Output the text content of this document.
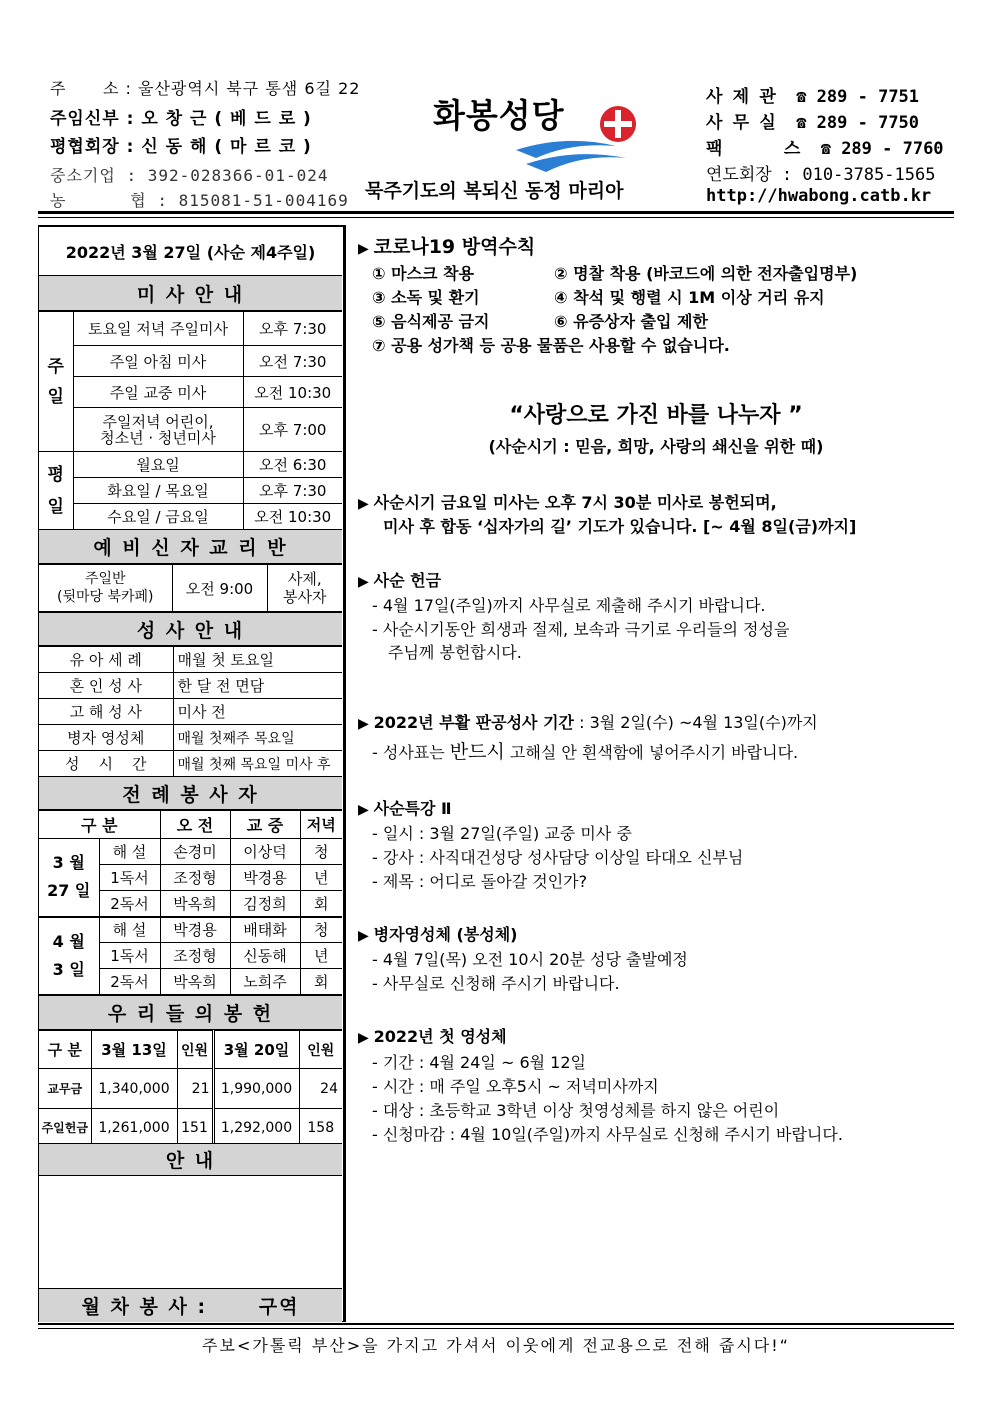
주      소 : 울산광역시 북구 통샘 6길 22
주임신부 : 오 창 근 ( 베 드 로 )
평협회장 : 신 동 해 ( 마 르 코 )
중소기업 : 392-028366-01-024
농      협 : 815081-51-004169
화봉성당
묵주기도의 복되신 동정 마리아
사 제 관  ☎ 289 - 7751
사 무 실  ☎ 289 - 7750
팩      스  ☎ 289 - 7760
연도회장 : 010-3785-1565
http://hwabong.catb.kr
2022년 3월 27일 (사순 제4주일)
미 사 안 내
주
일	토요일 저녁 주일미사	오후 7:30
	주일 아침 미사	오전 7:30
	주일 교중 미사	오전 10:30
	주일저녁 어린이,
청소년 · 청년미사	오후 7:00

평
일	월요일	오전 6:30
	화요일 / 목요일	오후 7:30
	수요일 / 금요일	오전 10:30
예 비 신 자 교 리 반
주일반
(뒷마당 북카페)	오전 9:00	사제,
봉사자
성 사 안 내
유 아 세 례	매월 첫 토요일
혼 인 성 사	한 달 전 면담
고 해 성 사	미사 전
병자 영성체	매월 첫째주 목요일
성    시    간	매월 첫째 목요일 미사 후
전 례 봉 사 자
구 분		오 전	교 중	저녁
3 월
27 일	해 설	손경미	이상덕	청
	1독서	조정형	박경용	년
	2독서	박옥희	김정희	회
4 월
3 일	해 설	박경용	배태화	청
	1독서	조정형	신동해	년
	2독서	박옥희	노희주	회
우 리 들 의 봉 헌
구 분	3월 13일	인원	3월 20일	인원
교무금	1,340,000	21	1,990,000	24
주일헌금	1,261,000	151	1,292,000	158
안 내
월 차 봉 사 :      구역
▶ 코로나19 방역수칙
① 마스크 착용	② 명찰 착용 (바코드에 의한 전자출입명부)
③ 소독 및 환기	④ 착석 및 행렬 시 1M 이상 거리 유지
⑤ 음식제공 금지	⑥ 유증상자 출입 제한
⑦ 공용 성가책 등 공용 물품은 사용할 수 없습니다.
“사랑으로 가진 바를 나누자 ”
(사순시기 : 믿음, 희망, 사랑의 쇄신을 위한 때)
▶ 사순시기 금요일 미사는 오후 7시 30분 미사로 봉헌되며,
미사 후 합동 ‘십자가의 길’ 기도가 있습니다. [~ 4월 8일(금)까지]
▶ 사순 헌금
- 4월 17일(주일)까지 사무실로 제출해 주시기 바랍니다.
- 사순시기동안 희생과 절제, 보속과 극기로 우리들의 정성을
주님께 봉헌합시다.
▶ 2022년 부활 판공성사 기간 : 3월 2일(수) ~4월 13일(수)까지
- 성사표는 반드시 고해실 안 흰색함에 넣어주시기 바랍니다.
▶ 사순특강 Ⅱ
- 일시 : 3월 27일(주일) 교중 미사 중
- 강사 : 사직대건성당 성사담당 이상일 타대오 신부님
- 제목 : 어디로 돌아갈 것인가?
▶ 병자영성체 (봉성체)
- 4월 7일(목) 오전 10시 20분 성당 출발예정
- 사무실로 신청해 주시기 바랍니다.
▶ 2022년 첫 영성체
- 기간 : 4월 24일 ~ 6월 12일
- 시간 : 매 주일 오후5시 ~ 저녁미사까지
- 대상 : 초등학교 3학년 이상 첫영성체를 하지 않은 어린이
- 신청마감 : 4월 10일(주일)까지 사무실로 신청해 주시기 바랍니다.
주보<가톨릭 부산>을 가지고 가셔서 이웃에게 전교용으로 전해 줍시다!“
